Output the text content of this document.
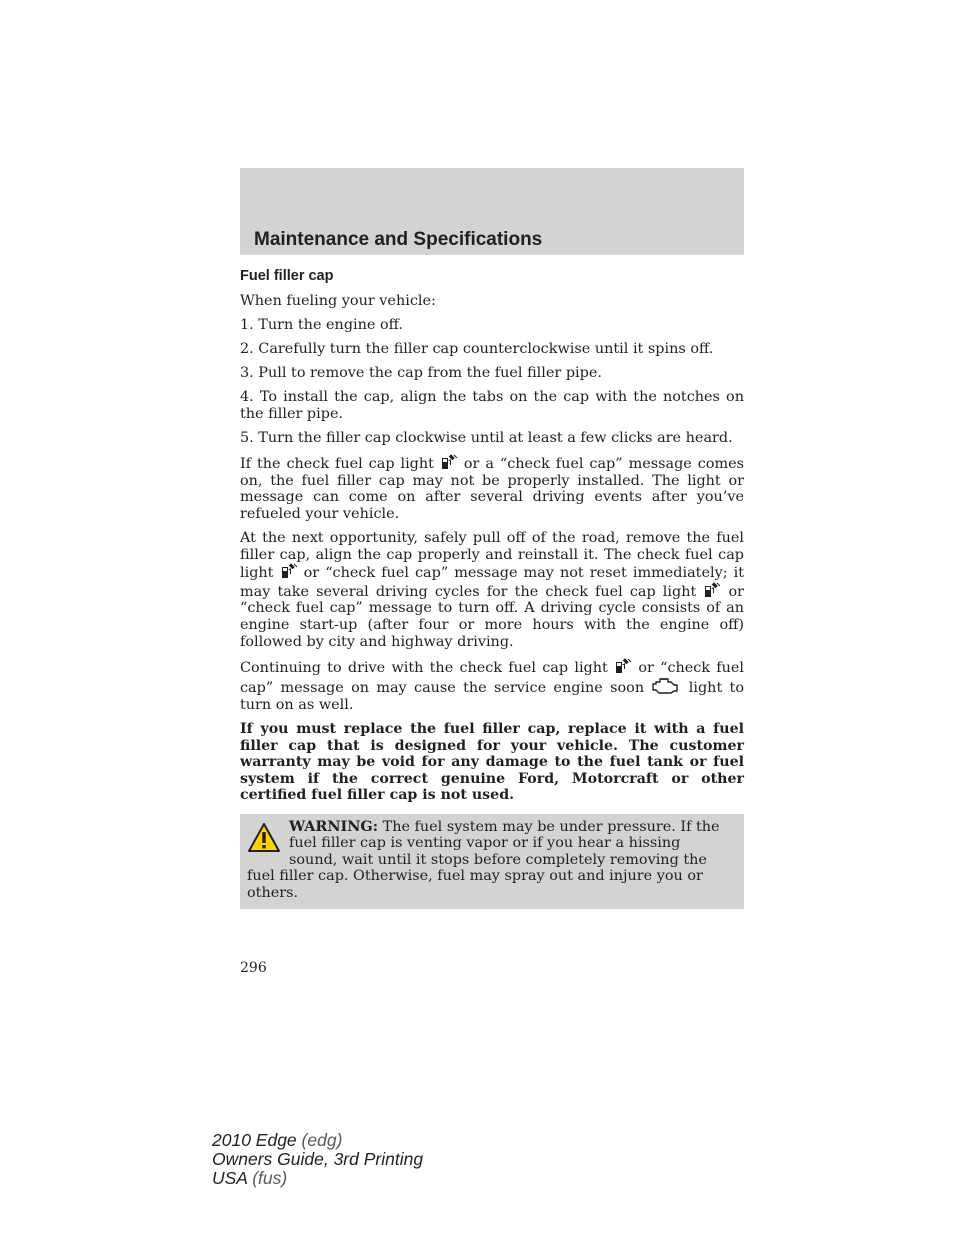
Maintenance and Specifications
Fuel filler cap

When fueling your vehicle:

1. Turn the engine off.

2. Carefully turn the filler cap counterclockwise until it spins off.

3. Pull to remove the cap from the fuel filler pipe.

4. To install the cap, align the tabs on the cap with the notches on the filler pipe.

5. Turn the filler cap clockwise until at least a few clicks are heard.

If the check fuel cap light or a “check fuel cap” message comes on, the fuel filler cap may not be properly installed. The light or message can come on after several driving events after you’ve refueled your vehicle.

At the next opportunity, safely pull off of the road, remove the fuel filler cap, align the cap properly and reinstall it. The check fuel cap light or “check fuel cap” message may not reset immediately; it may take several driving cycles for the check fuel cap light or “check fuel cap” message to turn off. A driving cycle consists of an engine start-up (after four or more hours with the engine off) followed by city and highway driving.

Continuing to drive with the check fuel cap light or “check fuel cap” message on may cause the service engine soon	light to turn on as well.

If you must replace the fuel filler cap, replace it with a fuel filler cap that is designed for your vehicle. The customer warranty may be void for any damage to the fuel tank or fuel system if the correct genuine Ford, Motorcraft or other certified fuel filler cap is not used.

WARNING: The fuel system may be under pressure. If the fuel filler cap is venting vapor or if you hear a hissing sound, wait until it stops before completely removing the fuel filler cap. Otherwise, fuel may spray out and injure you or others.
296
2010 Edge (edg)
Owners Guide, 3rd Printing
USA (fus)
